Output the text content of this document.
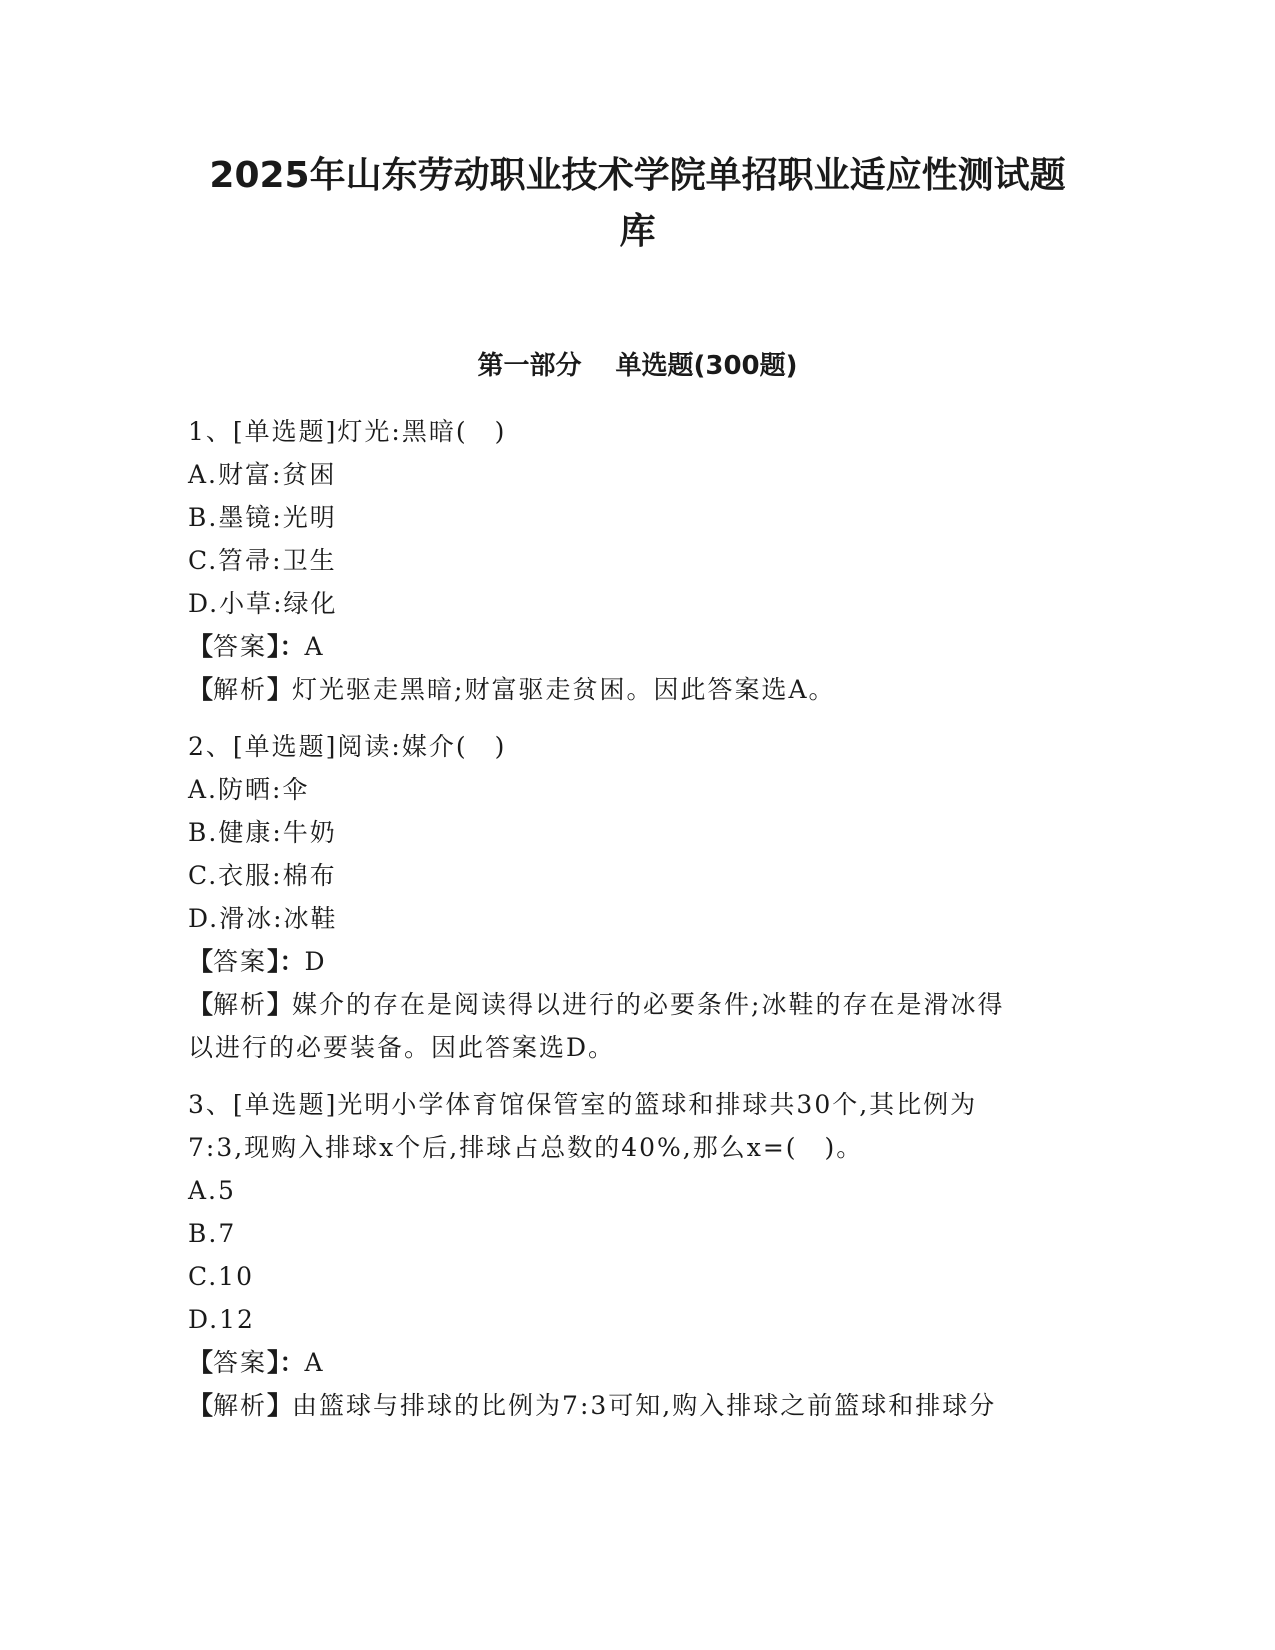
2025年山东劳动职业技术学院单招职业适应性测试题
库
第一部分 单选题(300题)
1、[单选题]灯光:黑暗(　)
A.财富:贫困
B.墨镜:光明
C.笤帚:卫生
D.小草:绿化
【答案】：A
【解析】灯光驱走黑暗;财富驱走贫困。因此答案选A。
2、[单选题]阅读:媒介(　)
A.防晒:伞
B.健康:牛奶
C.衣服:棉布
D.滑冰:冰鞋
【答案】：D
【解析】媒介的存在是阅读得以进行的必要条件;冰鞋的存在是滑冰得
以进行的必要装备。因此答案选D。
3、[单选题]光明小学体育馆保管室的篮球和排球共30个,其比例为
7:3,现购入排球x个后,排球占总数的40%,那么x=(　)。
A.5
B.7
C.10
D.12
【答案】：A
【解析】由篮球与排球的比例为7:3可知,购入排球之前篮球和排球分
